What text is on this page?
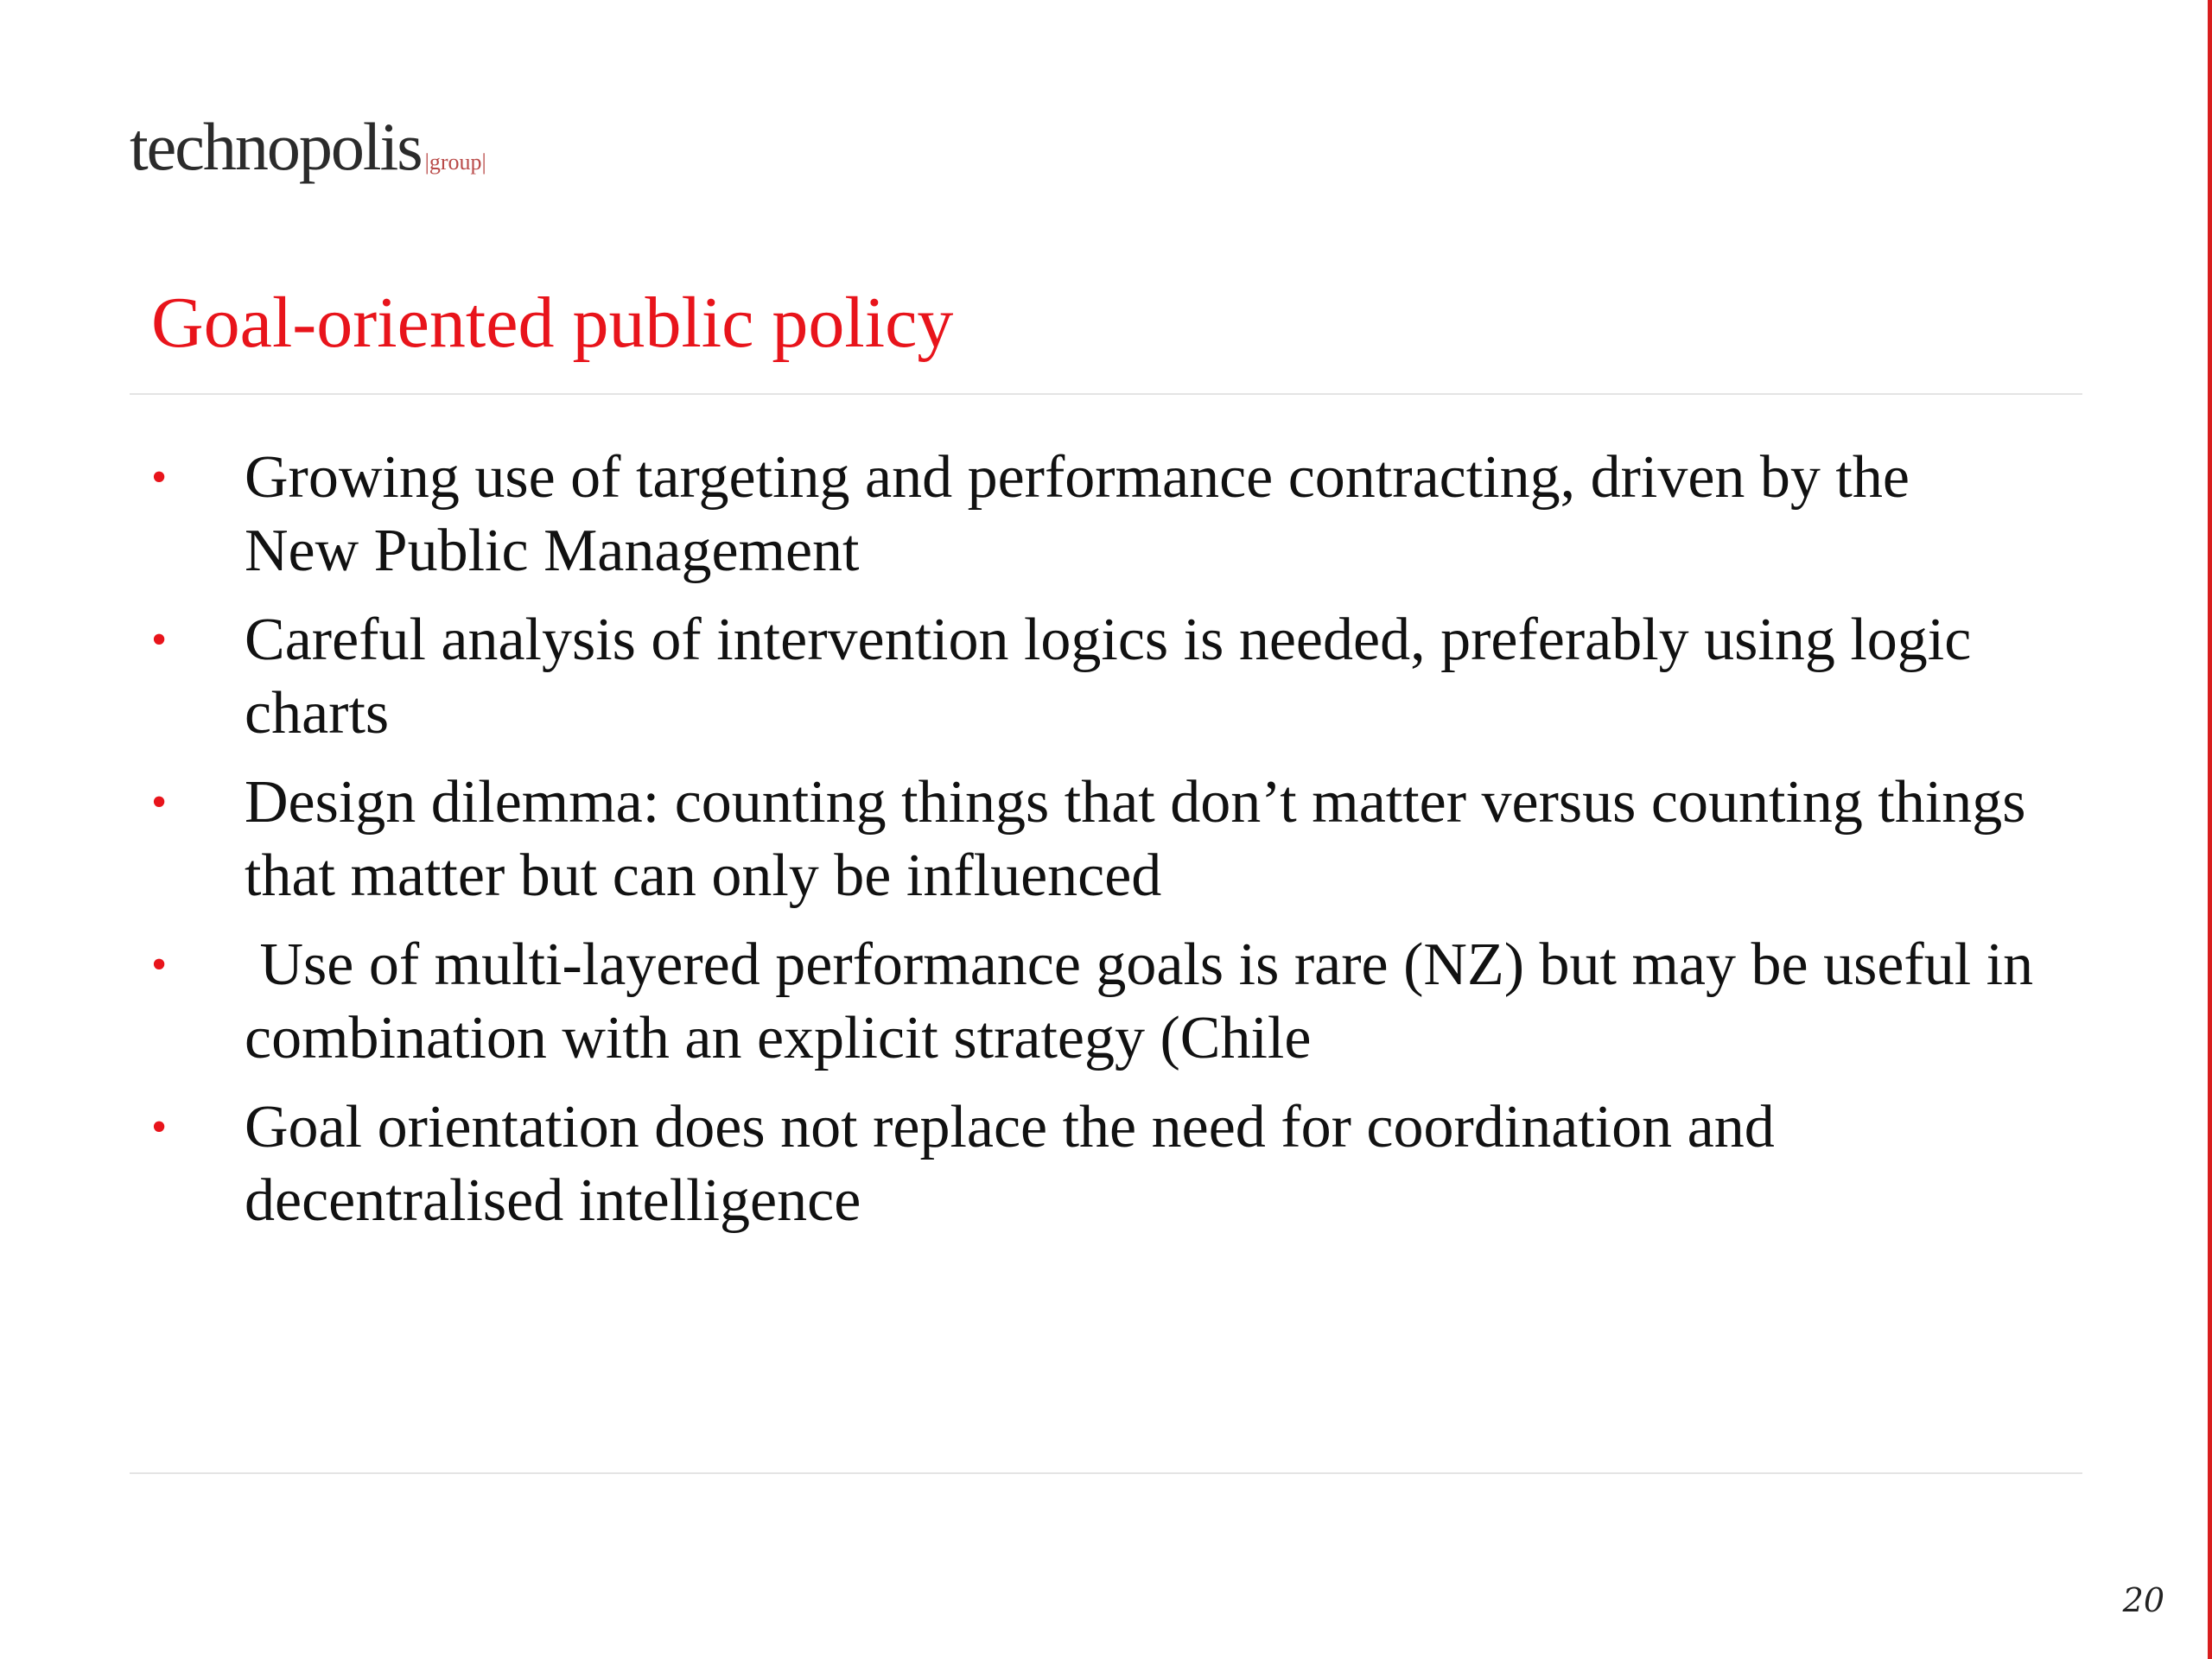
technopolis |group|
Goal-oriented public policy
•	Growing use of targeting and performance contracting, driven by the New Public Management
•	Careful analysis of intervention logics is needed, preferably using logic charts
•	Design dilemma: counting things that don’t matter versus counting things that matter but can only be influenced
•	Use of multi-layered performance goals is rare (NZ) but may be useful in combination with an explicit strategy (Chile
•	Goal orientation does not replace the need for coordination and decentralised intelligence
20
